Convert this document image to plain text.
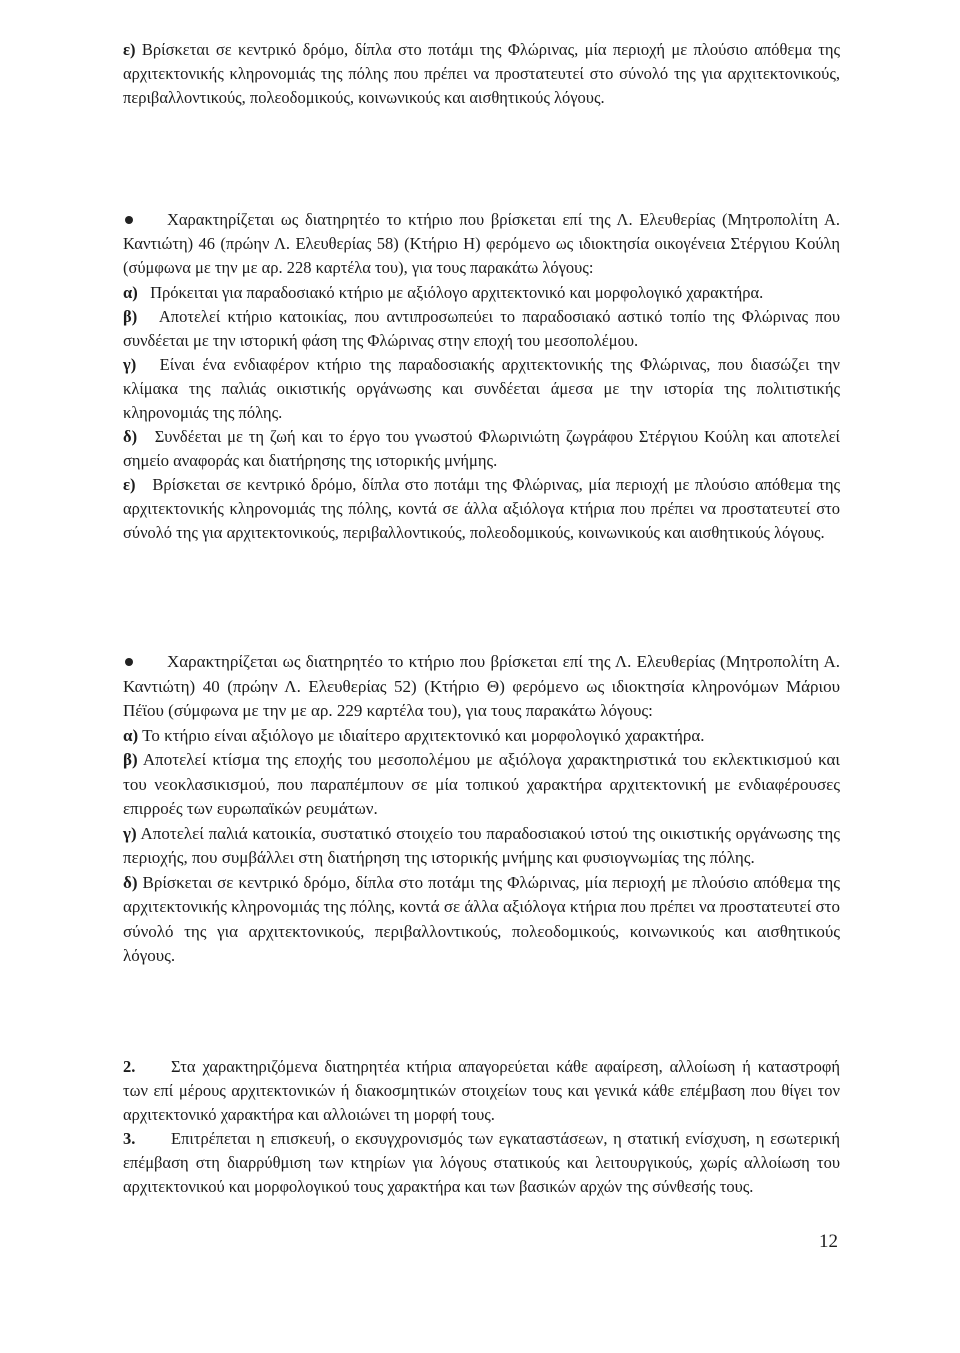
ε) Βρίσκεται σε κεντρικό δρόμο, δίπλα στο ποτάμι της Φλώρινας, μία περιοχή με πλούσιο απόθεμα της αρχιτεκτονικής κληρονομιάς της πόλης που πρέπει να προστατευτεί στο σύνολό της για αρχιτεκτονικούς, περιβαλλοντικούς, πολεοδομικούς, κοινωνικούς και αισθητικούς λόγους.

Χαρακτηρίζεται ως διατηρητέο το κτήριο που βρίσκεται επί της Λ. Ελευθερίας (Μητροπολίτη Α. Καντιώτη) 46 (πρώην Λ. Ελευθερίας 58) (Κτήριο Η) φερόμενο ως ιδιοκτησία οικογένεια Στέργιου Κούλη (σύμφωνα με την με αρ. 228 καρτέλα του), για τους παρακάτω λόγους:

α) Πρόκειται για παραδοσιακό κτήριο με αξιόλογο αρχιτεκτονικό και μορφολογικό χαρακτήρα.

β) Αποτελεί κτήριο κατοικίας, που αντιπροσωπεύει το παραδοσιακό αστικό τοπίο της Φλώρινας που συνδέεται με την ιστορική φάση της Φλώρινας στην εποχή του μεσοπολέμου.

γ) Είναι ένα ενδιαφέρον κτήριο της παραδοσιακής αρχιτεκτονικής της Φλώρινας, που διασώζει την κλίμακα της παλιάς οικιστικής οργάνωσης και συνδέεται άμεσα με την ιστορία της πολιτιστικής κληρονομιάς της πόλης.

δ) Συνδέεται με τη ζωή και το έργο του γνωστού Φλωρινιώτη ζωγράφου Στέργιου Κούλη και αποτελεί σημείο αναφοράς και διατήρησης της ιστορικής μνήμης.

ε) Βρίσκεται σε κεντρικό δρόμο, δίπλα στο ποτάμι της Φλώρινας, μία περιοχή με πλούσιο απόθεμα της αρχιτεκτονικής κληρονομιάς της πόλης, κοντά σε άλλα αξιόλογα κτήρια που πρέπει να προστατευτεί στο σύνολό της για αρχιτεκτονικούς, περιβαλλοντικούς, πολεοδομικούς, κοινωνικούς και αισθητικούς λόγους.

Χαρακτηρίζεται ως διατηρητέο το κτήριο που βρίσκεται επί της Λ. Ελευθερίας (Μητροπολίτη Α. Καντιώτη) 40 (πρώην Λ. Ελευθερίας 52) (Κτήριο Θ) φερόμενο ως ιδιοκτησία κληρονόμων Μάριου Πέϊου (σύμφωνα με την με αρ. 229 καρτέλα του), για τους παρακάτω λόγους:

α) Το κτήριο είναι αξιόλογο με ιδιαίτερο αρχιτεκτονικό και μορφολογικό χαρακτήρα.

β) Αποτελεί κτίσμα της εποχής του μεσοπολέμου με αξιόλογα χαρακτηριστικά του εκλεκτικισμού και του νεοκλασικισμού, που παραπέμπουν σε μία τοπικού χαρακτήρα αρχιτεκτονική με ενδιαφέρουσες επιρροές των ευρωπαϊκών ρευμάτων.

γ) Αποτελεί παλιά κατοικία, συστατικό στοιχείο του παραδοσιακού ιστού της οικιστικής οργάνωσης της περιοχής, που συμβάλλει στη διατήρηση της ιστορικής μνήμης και φυσιογνωμίας της πόλης.

δ) Βρίσκεται σε κεντρικό δρόμο, δίπλα στο ποτάμι της Φλώρινας, μία περιοχή με πλούσιο απόθεμα της αρχιτεκτονικής κληρονομιάς της πόλης, κοντά σε άλλα αξιόλογα κτήρια που πρέπει να προστατευτεί στο σύνολό της για αρχιτεκτονικούς, περιβαλλοντικούς, πολεοδομικούς, κοινωνικούς και αισθητικούς λόγους.

2. Στα χαρακτηριζόμενα διατηρητέα κτήρια απαγορεύεται κάθε αφαίρεση, αλλοίωση ή καταστροφή των επί μέρους αρχιτεκτονικών ή διακοσμητικών στοιχείων τους και γενικά κάθε επέμβαση που θίγει τον αρχιτεκτονικό χαρακτήρα και αλλοιώνει τη μορφή τους.

3. Επιτρέπεται η επισκευή, ο εκσυγχρονισμός των εγκαταστάσεων, η στατική ενίσχυση, η εσωτερική επέμβαση στη διαρρύθμιση των κτηρίων για λόγους στατικούς και λειτουργικούς, χωρίς αλλοίωση του αρχιτεκτονικού και μορφολογικού τους χαρακτήρα και των βασικών αρχών της σύνθεσής τους.

12
